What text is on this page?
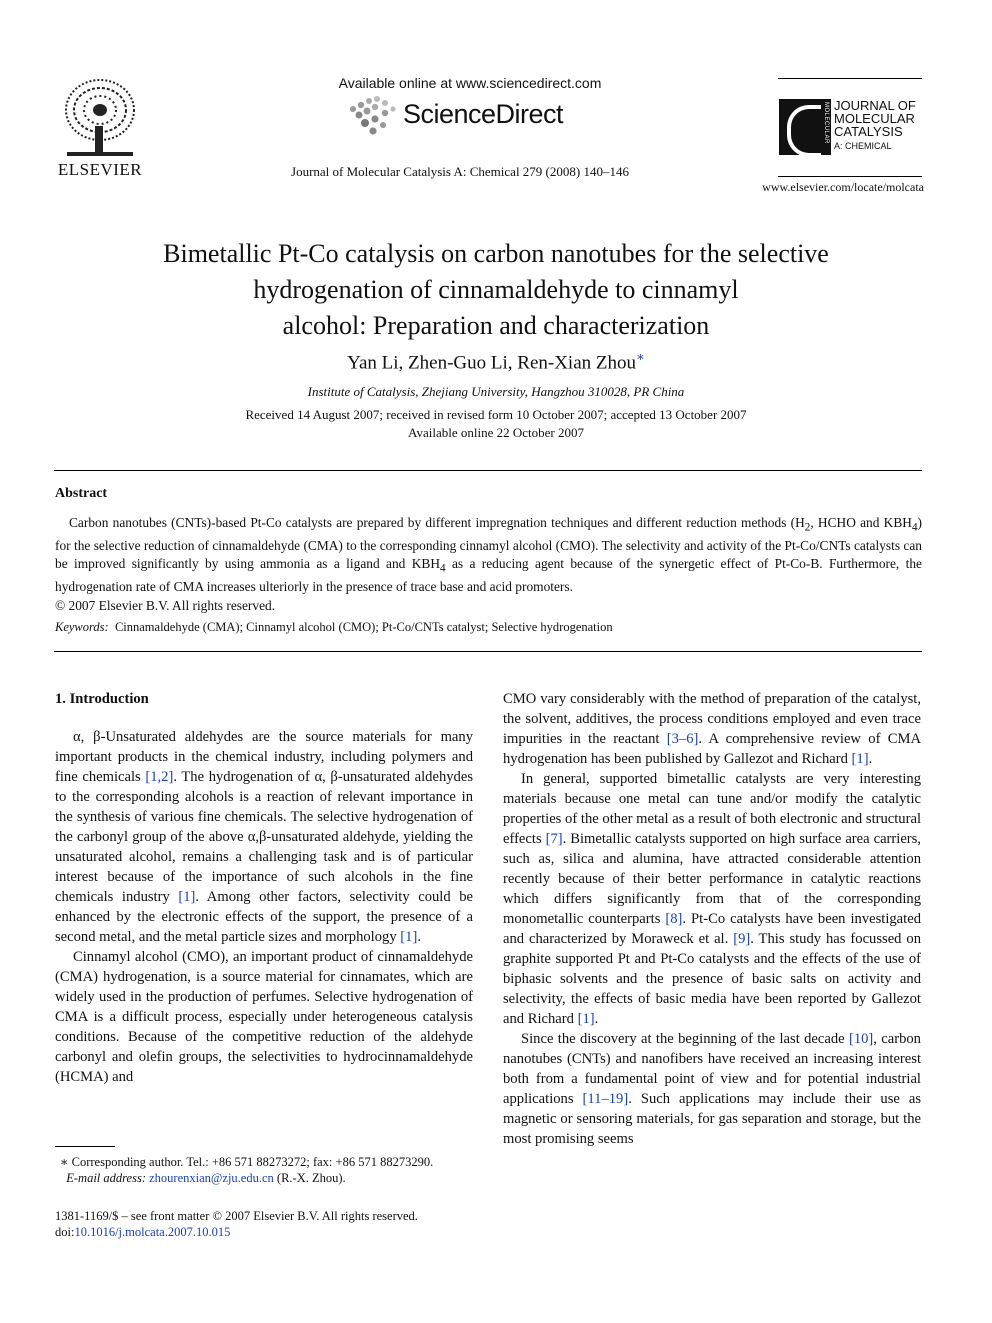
ELSEVIER
Available online at www.sciencedirect.com
ScienceDirect
Journal of Molecular Catalysis A: Chemical 279 (2008) 140–146
MOLECULAR JOURNAL OF
MOLECULAR
CATALYSIS
A: CHEMICAL
www.elsevier.com/locate/molcata
Bimetallic Pt-Co catalysis on carbon nanotubes for the selective
hydrogenation of cinnamaldehyde to cinnamyl
alcohol: Preparation and characterization
Yan Li, Zhen-Guo Li, Ren-Xian Zhou∗
Institute of Catalysis, Zhejiang University, Hangzhou 310028, PR China
Received 14 August 2007; received in revised form 10 October 2007; accepted 13 October 2007
Available online 22 October 2007
Abstract

Carbon nanotubes (CNTs)-based Pt-Co catalysts are prepared by different impregnation techniques and different reduction methods ($H_2$, HCHO and $KBH_4$) for the selective reduction of cinnamaldehyde (CMA) to the corresponding cinnamyl alcohol (CMO). The selectivity and activity of the Pt-Co/CNTs catalysts can be improved significantly by using ammonia as a ligand and $KBH_4$ as a reducing agent because of the synergetic effect of Pt-Co-B. Furthermore, the hydrogenation rate of CMA increases ulteriorly in the presence of trace base and acid promoters.

© 2007 Elsevier B.V. All rights reserved.

Keywords: Cinnamaldehyde (CMA); Cinnamyl alcohol (CMO); Pt-Co/CNTs catalyst; Selective hydrogenation
1. Introduction

α, β-Unsaturated aldehydes are the source materials for many important products in the chemical industry, including polymers and fine chemicals [1,2]. The hydrogenation of α, β-unsaturated aldehydes to the corresponding alcohols is a reaction of relevant importance in the synthesis of various fine chemicals. The selective hydrogenation of the carbonyl group of the above α,β-unsaturated aldehyde, yielding the unsaturated alcohol, remains a challenging task and is of particular interest because of the importance of such alcohols in the fine chemicals industry [1]. Among other factors, selectivity could be enhanced by the electronic effects of the support, the presence of a second metal, and the metal particle sizes and morphology [1].

Cinnamyl alcohol (CMO), an important product of cinnamaldehyde (CMA) hydrogenation, is a source material for cinnamates, which are widely used in the production of perfumes. Selective hydrogenation of CMA is a difficult process, especially under heterogeneous catalysis conditions. Because of the competitive reduction of the aldehyde carbonyl and olefin groups, the selectivities to hydrocinnamaldehyde (HCMA) and

CMO vary considerably with the method of preparation of the catalyst, the solvent, additives, the process conditions employed and even trace impurities in the reactant [3–6]. A comprehensive review of CMA hydrogenation has been published by Gallezot and Richard [1].

In general, supported bimetallic catalysts are very interesting materials because one metal can tune and/or modify the catalytic properties of the other metal as a result of both electronic and structural effects [7]. Bimetallic catalysts supported on high surface area carriers, such as, silica and alumina, have attracted considerable attention recently because of their better performance in catalytic reactions which differs significantly from that of the corresponding monometallic counterparts [8]. Pt-Co catalysts have been investigated and characterized by Moraweck et al. [9]. This study has focussed on graphite supported Pt and Pt-Co catalysts and the effects of the use of biphasic solvents and the presence of basic salts on activity and selectivity, the effects of basic media have been reported by Gallezot and Richard [1].

Since the discovery at the beginning of the last decade [10], carbon nanotubes (CNTs) and nanofibers have received an increasing interest both from a fundamental point of view and for potential industrial applications [11–19]. Such applications may include their use as magnetic or sensoring materials, for gas separation and storage, but the most promising seems

∗ Corresponding author. Tel.: +86 571 88273272; fax: +86 571 88273290.
E-mail address: zhourenxian@zju.edu.cn (R.-X. Zhou).
1381-1169/$ – see front matter © 2007 Elsevier B.V. All rights reserved.
doi:10.1016/j.molcata.2007.10.015
